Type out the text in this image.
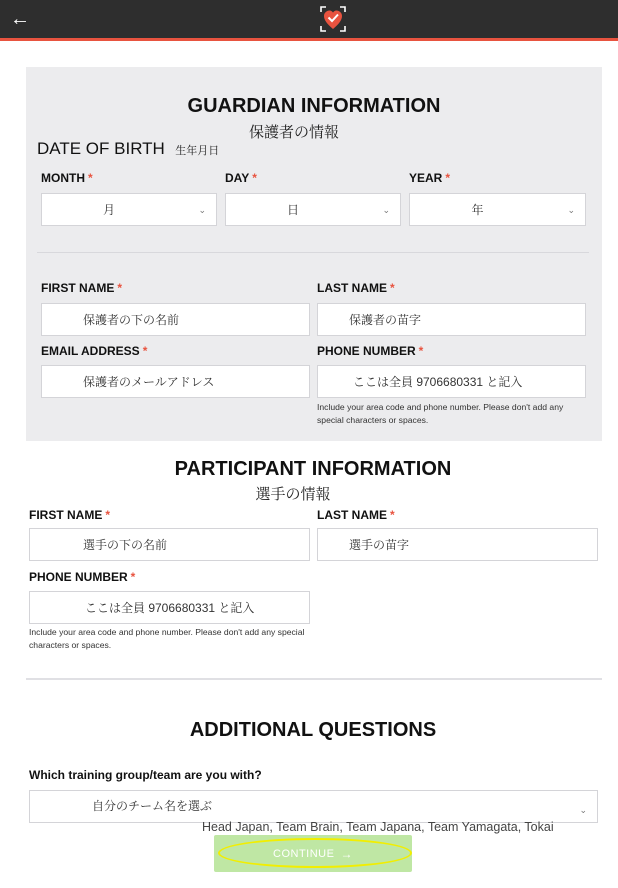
←
GUARDIAN INFORMATION
保護者の情報
DATE OF BIRTH 生年月日
MONTH *	DAY *	YEAR *
月	⌄	日	⌄	年	⌄
FIRST NAME *	LAST NAME *
保護者の下の名前	保護者の苗字
EMAIL ADDRESS *	PHONE NUMBER *
保護者のメールアドレス	ここは全員 9706680331 と記入
Include your area code and phone number. Please don't add any special characters or spaces.
PARTICIPANT INFORMATION
選手の情報
FIRST NAME *	LAST NAME *
選手の下の名前	選手の苗字
PHONE NUMBER *
ここは全員 9706680331 と記入
Include your area code and phone number. Please don't add any special characters or spaces.
ADDITIONAL QUESTIONS
Which training group/team are you with?
自分のチーム名を選ぶ	⌄
Head Japan, Team Brain, Team Japana, Team Yamagata, Tokai
CONTINUE →
